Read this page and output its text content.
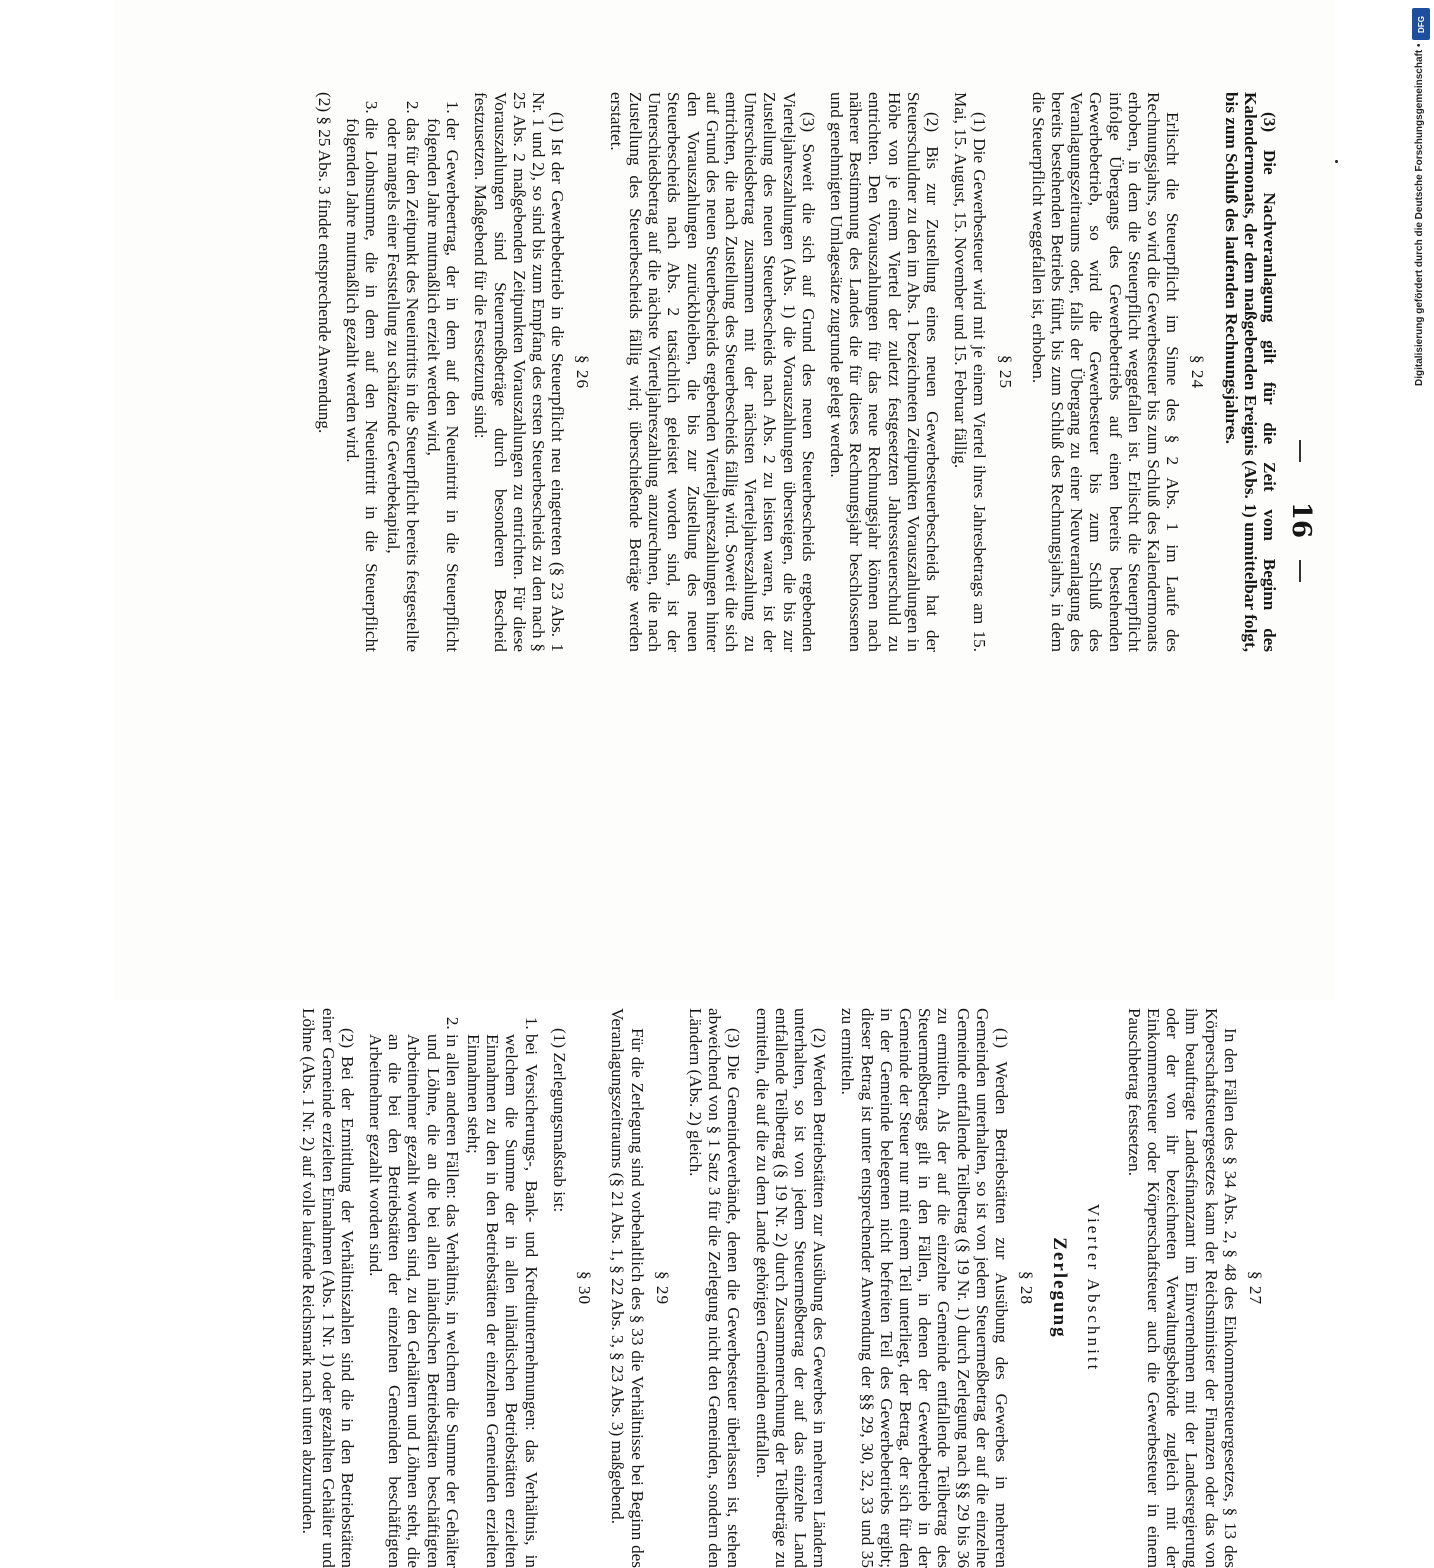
16

(3) Die Nachveranlagung gilt für die Zeit vom Beginn des Kalendermonats, der dem maßgebenden Ereignis (Abs. 1) unmittelbar folgt, bis zum Schluß des laufenden Rechnungsjahres.

§ 24

Erlischt die Steuerpflicht im Sinne des § 2 Abs. 1 im Laufe des Rechnungsjahrs, so wird die Gewerbesteuer bis zum Schluß des Kalendermonats erhoben, in dem die Steuerpflicht weggefallen ist. Erlischt die Steuerpflicht infolge Übergangs des Gewerbebetriebs auf einen bereits bestehenden Gewerbebetrieb, so wird die Gewerbesteuer bis zum Schluß des Veranlagungszeitraums oder, falls der Übergang zu einer Neuveranlagung des bereits bestehenden Betriebs führt, bis zum Schluß des Rechnungsjahrs, in dem die Steuerpflicht weggefallen ist, erhoben.

§ 25

(1) Die Gewerbesteuer wird mit je einem Viertel ihres Jahresbetrags am 15. Mai, 15. August, 15. November und 15. Februar fällig.

(2) Bis zur Zustellung eines neuen Gewerbesteuerbescheids hat der Steuerschuldner zu den im Abs. 1 bezeichneten Zeitpunkten Vorauszahlungen in Höhe von je einem Viertel der zuletzt festgesetzten Jahressteuerschuld zu entrichten. Den Vorauszahlungen für das neue Rechnungsjahr können nach näherer Bestimmung des Landes die für dieses Rechnungsjahr beschlossenen und genehmigten Umlagesätze zugrunde gelegt werden.

(3) Soweit die sich auf Grund des neuen Steuerbescheids ergebenden Vierteljahreszahlungen (Abs. 1) die Vorauszahlungen übersteigen, die bis zur Zustellung des neuen Steuerbescheids nach Abs. 2 zu leisten waren, ist der Unterschiedsbetrag zusammen mit der nächsten Vierteljahreszahlung zu entrichten, die nach Zustellung des Steuerbescheids fällig wird. Soweit die sich auf Grund des neuen Steuerbescheids ergebenden Vierteljahreszahlungen hinter den Vorauszahlungen zurückbleiben, die bis zur Zustellung des neuen Steuerbescheids nach Abs. 2 tatsächlich geleistet worden sind, ist der Unterschiedsbetrag auf die nächste Vierteljahreszahlung anzurechnen, die nach Zustellung des Steuerbescheids fällig wird; überschießende Beträge werden erstattet.

§ 26

(1) Ist der Gewerbebetrieb in die Steuerpflicht neu eingetreten (§ 23 Abs. 1 Nr. 1 und 2), so sind bis zum Empfang des ersten Steuerbescheids zu den nach § 25 Abs. 2 maßgebenden Zeitpunkten Vorauszahlungen zu entrichten. Für diese Vorauszahlungen sind Steuermeßbeträge durch besonderen Bescheid festzusetzen. Maßgebend für die Festsetzung sind:

1. der Gewerbeertrag, der in dem auf den Neueintritt in die Steuerpflicht folgenden Jahre mutmaßlich erzielt werden wird,
2. das für den Zeitpunkt des Neueintritts in die Steuerpflicht bereits festgestellte oder mangels einer Feststellung zu schätzende Gewerbekapital,
3. die Lohnsumme, die in dem auf den Neueintritt in die Steuerpflicht folgenden Jahre mutmaßlich gezahlt werden wird.

(2) § 25 Abs. 3 findet entsprechende Anwendung.

§ 27

In den Fällen des § 34 Abs. 2, § 48 des Einkommensteuergesetzes, § 13 des Körperschaftsteuergesetzes kann der Reichsminister der Finanzen oder das von ihm beauftragte Landesfinanzamt im Einvernehmen mit der Landesregierung oder der von ihr bezeichneten Verwaltungsbehörde zugleich mit der Einkommensteuer oder Körperschaftsteuer auch die Gewerbesteuer in einem Pauschbetrag festsetzen.

Vierter Abschnitt
Zerlegung
§ 28

(1) Werden Betriebstätten zur Ausübung des Gewerbes in mehreren Gemeinden unterhalten, so ist von jedem Steuermeßbetrag der auf die einzelne Gemeinde entfallende Teilbetrag (§ 19 Nr. 1) durch Zerlegung nach §§ 29 bis 36 zu ermitteln. Als der auf die einzelne Gemeinde entfallende Teilbetrag des Steuermeßbetrags gilt in den Fällen, in denen der Gewerbebetrieb in der Gemeinde der Steuer nur mit einem Teil unterliegt, der Betrag, der sich für den in der Gemeinde belegenen nicht befreiten Teil des Gewerbebetriebs ergibt; dieser Betrag ist unter entsprechender Anwendung der §§ 29, 30, 32, 33 und 35 zu ermitteln.

(2) Werden Betriebstätten zur Ausübung des Gewerbes in mehreren Ländern unterhalten, so ist von jedem Steuermeßbetrag der auf das einzelne Land entfallende Teilbetrag (§ 19 Nr. 2) durch Zusammenrechnung der Teilbeträge zu ermitteln, die auf die zu dem Lande gehörigen Gemeinden entfallen.

(3) Die Gemeindeverbände, denen die Gewerbesteuer überlassen ist, stehen abweichend von § 1 Satz 3 für die Zerlegung nicht den Gemeinden, sondern den Ländern (Abs. 2) gleich.

§ 29

Für die Zerlegung sind vorbehaltlich des § 33 die Verhältnisse bei Beginn des Veranlagungszeitraums (§ 21 Abs. 1, § 22 Abs. 3, § 23 Abs. 3) maßgebend.

§ 30

(1) Zerlegungsmaßstab ist:

1. bei Versicherungs-, Bank- und Kreditunternehmungen: das Verhältnis, in welchem die Summe der in allen inländischen Betriebstätten erzielten Einnahmen zu den in den Betriebstätten der einzelnen Gemeinden erzielten Einnahmen steht;
2. in allen anderen Fällen: das Verhältnis, in welchem die Summe der Gehälter und Löhne, die an die bei allen inländischen Betriebstätten beschäftigten Arbeitnehmer gezahlt worden sind, zu den Gehältern und Löhnen steht, die an die bei den Betriebstätten der einzelnen Gemeinden beschäftigten Arbeitnehmer gezahlt worden sind.

(2) Bei der Ermittlung der Verhältniszahlen sind die in den Betriebstätten einer Gemeinde erzielten Einnahmen (Abs. 1 Nr. 1) oder gezahlten Gehälter und Löhne (Abs. 1 Nr. 2) auf volle laufende Reichsmark nach unten abzurunden.

DFG
Digitalisierung gefördert durch die Deutsche Forschungsgemeinschaft •
